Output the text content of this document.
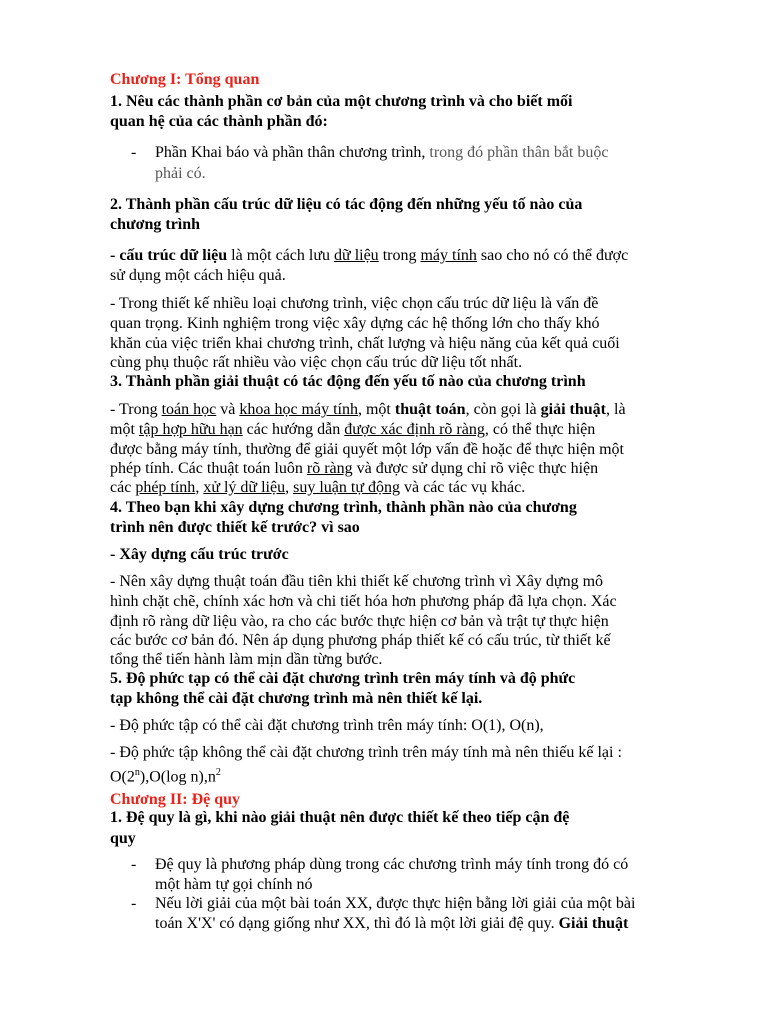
Chương I: Tổng quan
1. Nêu các thành phần cơ bản của một chương trình và cho biết mối
quan hệ của các thành phần đó:
- Phần Khai báo và phần thân chương trình, trong đó phần thân bắt buộc
phải có.
2. Thành phần cấu trúc dữ liệu có tác động đến những yếu tố nào của
chương trình
- cấu trúc dữ liệu là một cách lưu dữ liệu trong máy tính sao cho nó có thể được
sử dụng một cách hiệu quả.
- Trong thiết kế nhiều loại chương trình, việc chọn cấu trúc dữ liệu là vấn đề
quan trọng. Kinh nghiệm trong việc xây dựng các hệ thống lớn cho thấy khó
khăn của việc triển khai chương trình, chất lượng và hiệu năng của kết quả cuối
cùng phụ thuộc rất nhiều vào việc chọn cấu trúc dữ liệu tốt nhất.
3. Thành phần giải thuật có tác động đến yếu tố nào của chương trình
- Trong toán học và khoa học máy tính, một thuật toán, còn gọi là giải thuật, là
một tập hợp hữu hạn các hướng dẫn được xác định rõ ràng, có thể thực hiện
được bằng máy tính, thường để giải quyết một lớp vấn đề hoặc để thực hiện một
phép tính. Các thuật toán luôn rõ ràng và được sử dụng chỉ rõ việc thực hiện
các phép tính, xử lý dữ liệu, suy luận tự động và các tác vụ khác.
4. Theo bạn khi xây dựng chương trình, thành phần nào của chương
trình nên được thiết kế trước? vì sao
- Xây dựng cấu trúc trước
- Nên xây dựng thuật toán đầu tiên khi thiết kế chương trình vì Xây dựng mô
hình chặt chẽ, chính xác hơn và chi tiết hóa hơn phương pháp đã lựa chọn. Xác
định rõ ràng dữ liệu vào, ra cho các bước thực hiện cơ bản và trật tự thực hiện
các bước cơ bản đó. Nên áp dụng phương pháp thiết kế có cấu trúc, từ thiết kế
tổng thể tiến hành làm mịn dần từng bước.
5. Độ phức tạp có thể cài đặt chương trình trên máy tính và độ phức
tạp không thể cài đặt chương trình mà nên thiết kế lại.
- Độ phức tập có thể cài đặt chương trình trên máy tính: O(1), O(n),
- Độ phức tập không thể cài đặt chương trình trên máy tính mà nên thiếu kế lại :
O(2$^n$),O(log $n),n^2$
Chương II: Đệ quy
1. Đệ quy là gì, khi nào giải thuật nên được thiết kế theo tiếp cận đệ
quy
- Đệ quy là phương pháp dùng trong các chương trình máy tính trong đó có
một hàm tự gọi chính nó
- Nếu lời giải của một bài toán XX, được thực hiện bằng lời giải của một bài
toán X'X' có dạng giống như XX, thì đó là một lời giải đệ quy. Giải thuật
